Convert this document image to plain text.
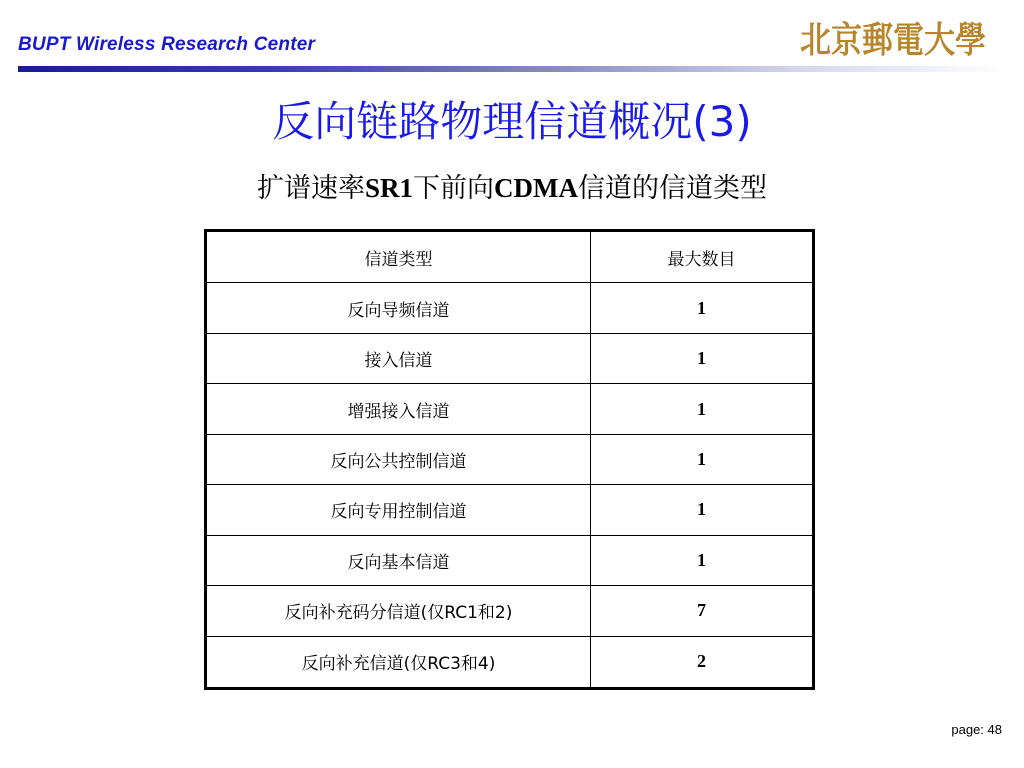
BUPT Wireless Research Center	北京郵電大學
反向链路物理信道概况(3)
扩谱速率SR1下前向CDMA信道的信道类型
信道类型	最大数目
反向导频信道	1
接入信道	1
增强接入信道	1
反向公共控制信道	1
反向专用控制信道	1
反向基本信道	1
反向补充码分信道(仅RC1和2)	7
反向补充信道(仅RC3和4)	2
page: 48
